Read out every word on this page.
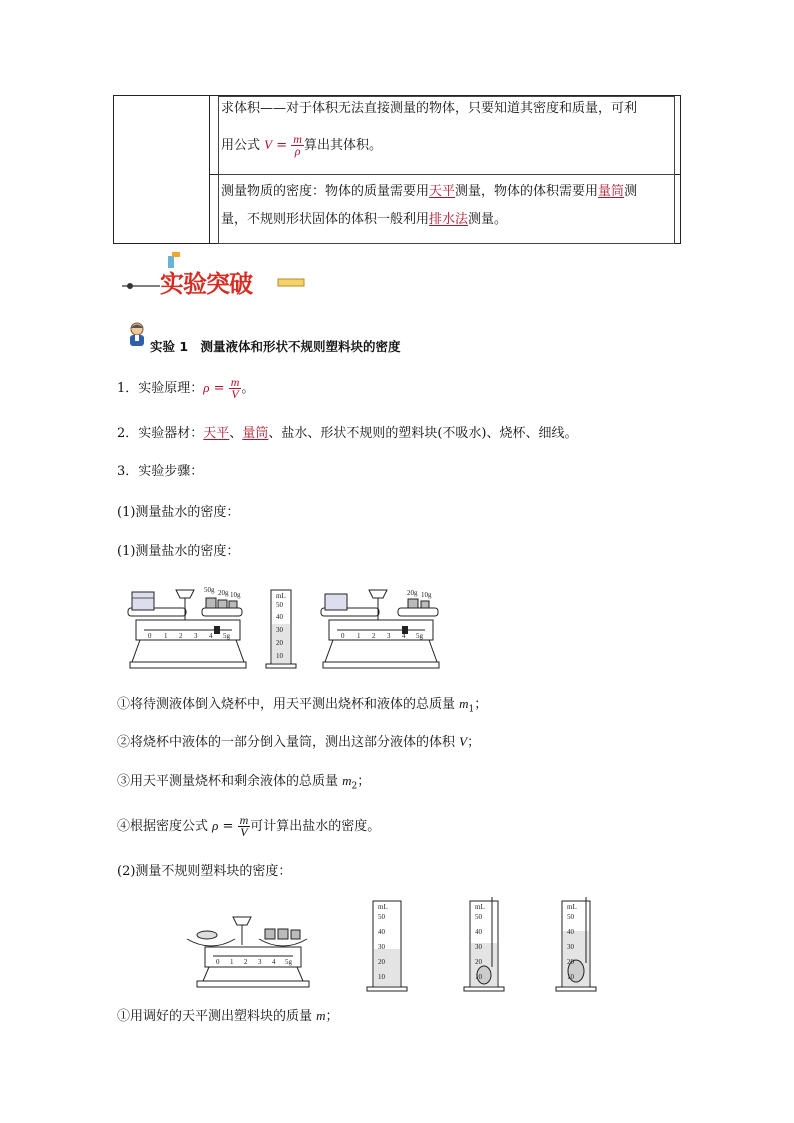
求体积——对于体积无法直接测量的物体，只要知道其密度和质量，可利
用公式 $V = \frac{m}{\rho}$ 算出其体积。
测量物质的密度：物体的质量需要用天平测量，物体的体积需要用量筒测
量，不规则形状固体的体积一般利用排水法测量。
实验突破
实验 1　测量液体和形状不规则塑料块的密度
1．实验原理：$\rho = \frac{m}{V}$ 。
2．实验器材：天平、量筒、盐水、形状不规则的塑料块(不吸水)、烧杯、细线。
3．实验步骤：
(1)测量盐水的密度：
(1)测量盐水的密度：
50g 20g 10g	20g 10g
0 1 2 3 4 5g
mL
50
40
30
20
10
0 1 2 3 4 5g
①将待测液体倒入烧杯中，用天平测出烧杯和液体的总质量 $m_1$；
②将烧杯中液体的一部分倒入量筒，测出这部分液体的体积 V；
③用天平测量烧杯和剩余液体的总质量 $m_2$；
④根据密度公式 $\rho = \frac{m}{V}$ 可计算出盐水的密度。
(2)测量不规则塑料块的密度：
0 1 2 3 4 5g
mL
50
40
30
20
10
mL
50
40
30
20
10
mL
50
40
30
20
10
①用调好的天平测出塑料块的质量 m；
